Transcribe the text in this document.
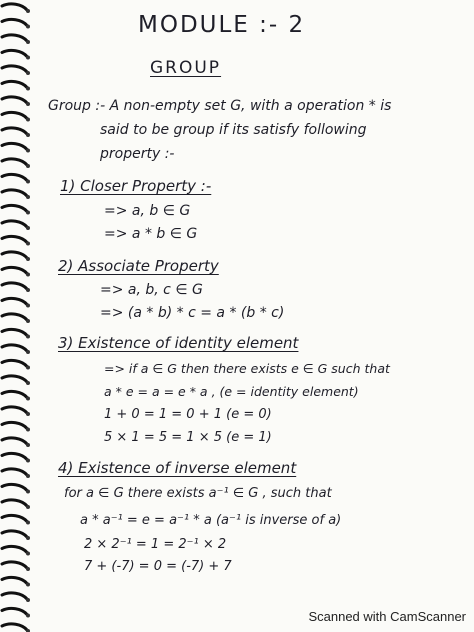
MODULE :- 2
GROUP
Group :- A non-empty set G, with a operation * is
said to be group if its satisfy following
property :-
1) Closer Property :-
=> a, b ∈ G
=> a * b ∈ G
2) Associate Property
=> a, b, c ∈ G
=> (a * b) * c = a * (b * c)
3) Existence of identity element
=> if a ∈ G then there exists e ∈ G such that
a * e = a = e * a , (e = identity element)
1 + 0 = 1 = 0 + 1 (e = 0)
5 × 1 = 5 = 1 × 5 (e = 1)
4) Existence of inverse element
for a ∈ G there exists a⁻¹ ∈ G , such that
a * a⁻¹ = e = a⁻¹ * a (a⁻¹ is inverse of a)
2 × 2⁻¹ = 1 = 2⁻¹ × 2
7 + (-7) = 0 = (-7) + 7
Scanned with CamScanner
